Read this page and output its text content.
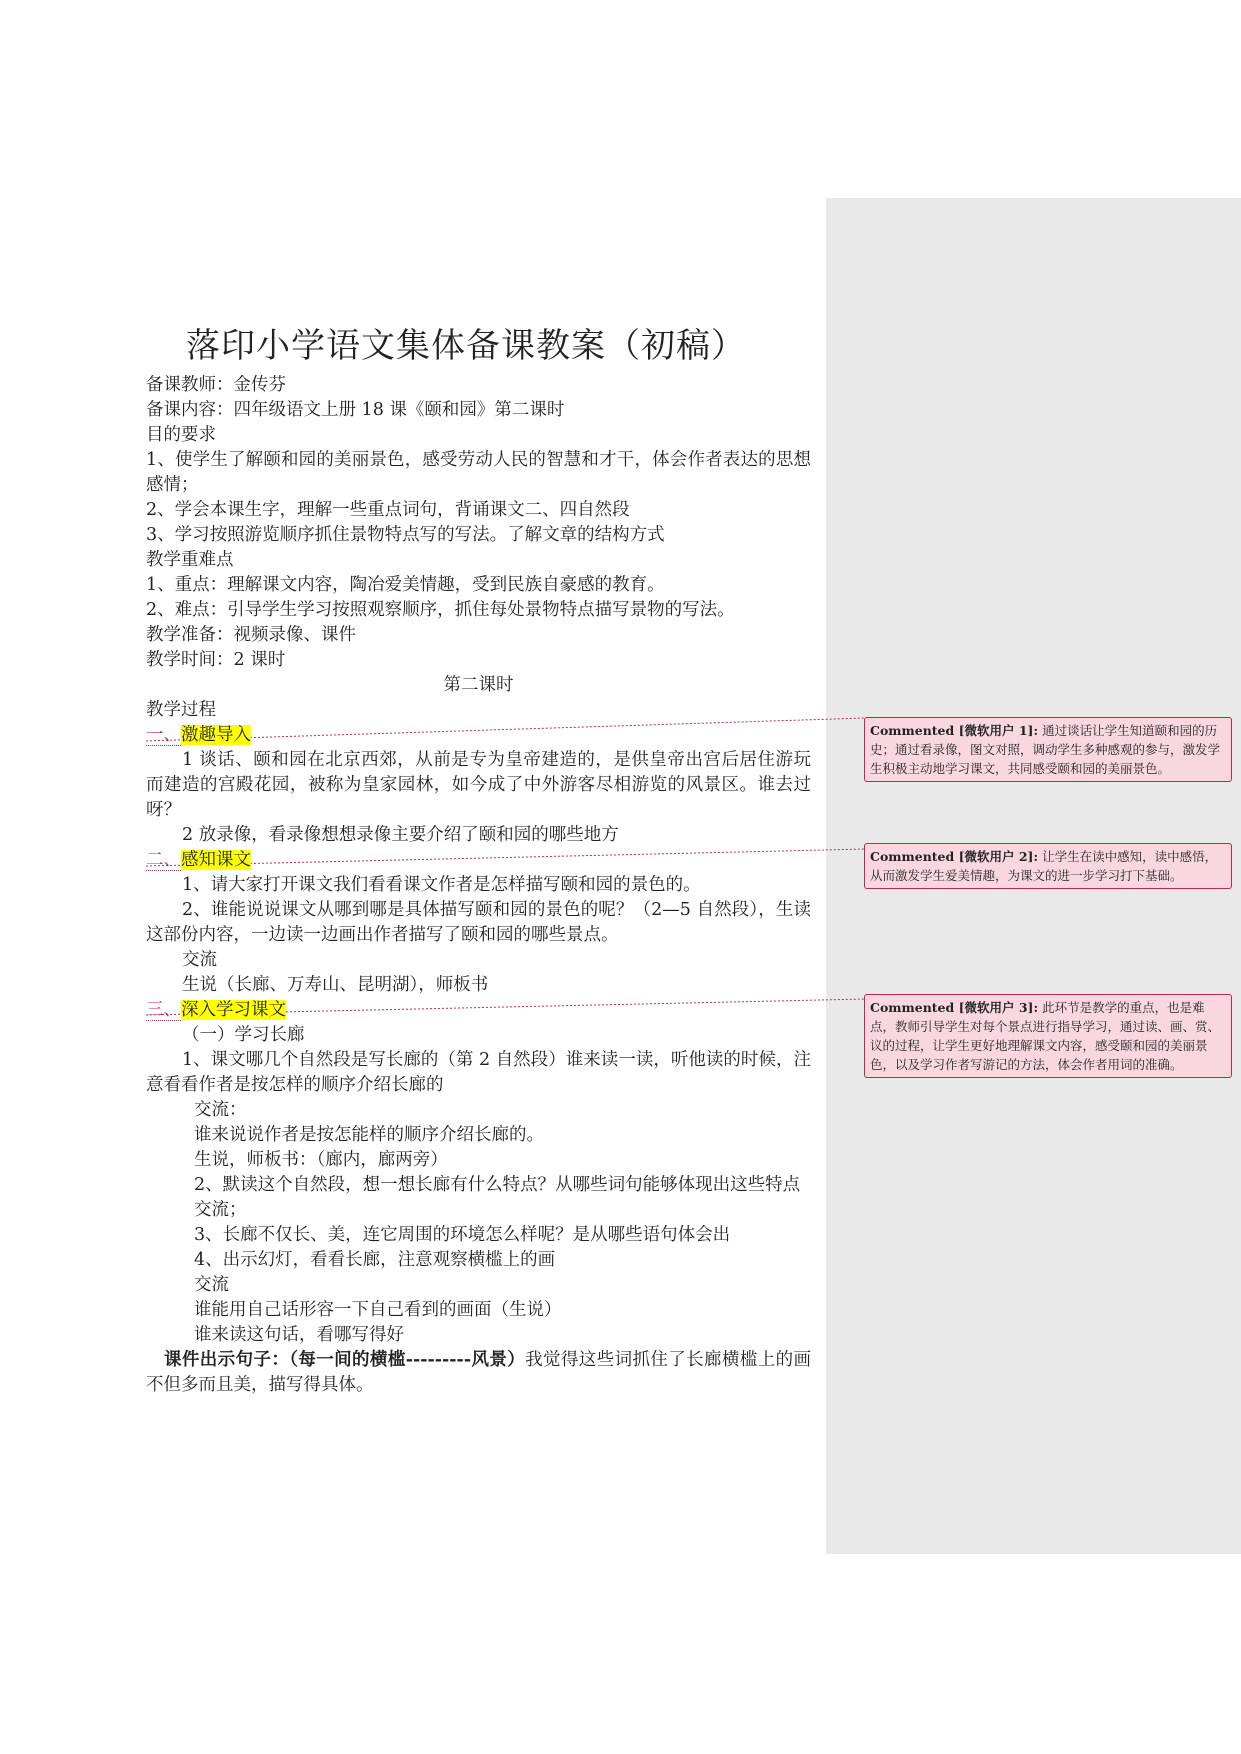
落印小学语文集体备课教案（初稿）
备课教师：金传芬
备课内容：四年级语文上册 18 课《颐和园》第二课时
目的要求
1、使学生了解颐和园的美丽景色，感受劳动人民的智慧和才干，体会作者表达的思想感情；
2、学会本课生字，理解一些重点词句，背诵课文二、四自然段
3、学习按照游览顺序抓住景物特点写的写法。了解文章的结构方式
教学重难点
1、重点：理解课文内容，陶冶爱美情趣，受到民族自豪感的教育。
2、难点：引导学生学习按照观察顺序，抓住每处景物特点描写景物的写法。
教学准备：视频录像、课件
教学时间：2 课时
第二课时
教学过程
一、激趣导入
1 谈话、颐和园在北京西郊，从前是专为皇帝建造的，是供皇帝出宫后居住游玩而建造的宫殿花园，被称为皇家园林，如今成了中外游客尽相游览的风景区。谁去过呀？
2 放录像，看录像想想录像主要介绍了颐和园的哪些地方
二、感知课文
1、请大家打开课文我们看看课文作者是怎样描写颐和园的景色的。
2、谁能说说课文从哪到哪是具体描写颐和园的景色的呢？（2—5 自然段），生读这部份内容，一边读一边画出作者描写了颐和园的哪些景点。
交流
生说（长廊、万寿山、昆明湖），师板书
三、深入学习课文
（一）学习长廊
1、课文哪几个自然段是写长廊的（第 2 自然段）谁来读一读，听他读的时候，注意看看作者是按怎样的顺序介绍长廊的
交流：
谁来说说作者是按怎能样的顺序介绍长廊的。
生说，师板书：（廊内，廊两旁）
2、默读这个自然段，想一想长廊有什么特点？从哪些词句能够体现出这些特点
交流；
3、长廊不仅长、美，连它周围的环境怎么样呢？是从哪些语句体会出
4、出示幻灯，看看长廊，注意观察横槛上的画
交流
谁能用自己话形容一下自己看到的画面（生说）
谁来读这句话，看哪写得好
课件出示句子：（每一间的横槛---------风景）我觉得这些词抓住了长廊横槛上的画不但多而且美，描写得具体。
Commented [微软用户 1]: 通过谈话让学生知道颐和园的历史；通过看录像，图文对照，调动学生多种感观的参与，激发学生积极主动地学习课文，共同感受颐和园的美丽景色。
Commented [微软用户 2]: 让学生在读中感知，读中感悟，从而激发学生爱美情趣，为课文的进一步学习打下基础。
Commented [微软用户 3]: 此环节是教学的重点，也是难点，教师引导学生对每个景点进行指导学习，通过读、画、赏、议的过程，让学生更好地理解课文内容，感受颐和园的美丽景色，以及学习作者写游记的方法，体会作者用词的准确。
